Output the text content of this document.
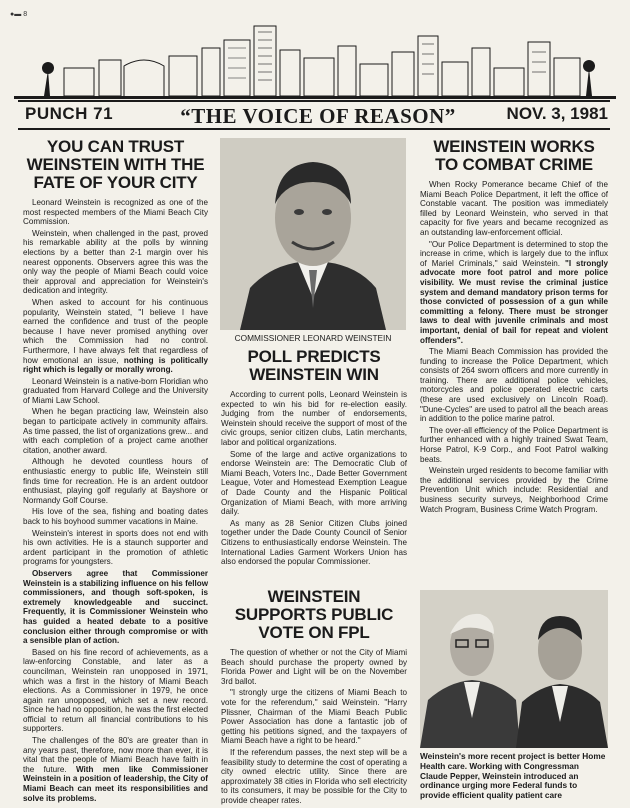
●▬ 8
PUNCH 71	“THE VOICE OF REASON”	NOV. 3, 1981
YOU CAN TRUST WEINSTEIN WITH THE FATE OF YOUR CITY

Leonard Weinstein is recognized as one of the most respected members of the Miami Beach City Commission.

Weinstein, when challenged in the past, proved his remarkable ability at the polls by winning elections by a better than 2-1 margin over his nearest opponents. Observers agree this was the only way the people of Miami Beach could voice their approval and appreciation for Weinstein's dedication and integrity.

When asked to account for his continuous popularity, Weinstein stated, "I believe I have earned the confidence and trust of the people because I have never promised anything over which the Commission had no control. Furthermore, I have always felt that regardless of how emotional an issue, nothing is politically right which is legally or morally wrong.

Leonard Weinstein is a native-born Floridian who graduated from Harvard College and the University of Miami Law School.

When he began practicing law, Weinstein also began to participate actively in community affairs. As time passed, the list of organizations grew... and with each completion of a project came another citation, another award.

Although he devoted countless hours of enthusiastic energy to public life, Weinstein still finds time for recreation. He is an ardent outdoor enthusiast, playing golf regularly at Bayshore or Normandy Golf Course.

His love of the sea, fishing and boating dates back to his boyhood summer vacations in Maine.

Weinstein's interest in sports does not end with his own activities. He is a staunch supporter and ardent participant in the promotion of athletic programs for youngsters.

Observers agree that Commissioner Weinstein is a stabilizing influence on his fellow commissioners, and though soft-spoken, is extremely knowledgeable and succinct. Frequently, it is Commissioner Weinstein who has guided a heated debate to a positive conclusion either through compromise or with a sensible plan of action.

Based on his fine record of achievements, as a law-enforcing Constable, and later as a councilman, Weinstein ran unopposed in 1971, which was a first in the history of Miami Beach elections. As a Commissioner in 1979, he once again ran unopposed, which set a new record. Since he had no opposition, he was the first elected official to return all financial contributions to his supporters.

The challenges of the 80's are greater than in any years past, therefore, now more than ever, it is vital that the people of Miami Beach have faith in the future. With men like Commissioner Weinstein in a position of leadership, the City of Miami Beach can meet its responsibilities and solve its problems.

COMMISSIONER LEONARD WEINSTEIN
POLL PREDICTS WEINSTEIN WIN

According to current polls, Leonard Weinstein is expected to win his bid for re-election easily. Judging from the number of endorsements, Weinstein should receive the support of most of the civic groups, senior citizen clubs, Latin merchants, labor and political organizations.

Some of the large and active organizations to endorse Weinstein are: The Democratic Club of Miami Beach, Voters Inc., Dade Better Government League, Voter and Homestead Exemption League of Dade County and the Hispanic Political Organization of Miami Beach, with more arriving daily.

As many as 28 Senior Citizen Clubs joined together under the Dade County Council of Senior Citizens to enthusiastically endorse Weinstein. The International Ladies Garment Workers Union has also endorsed the popular Commissioner.

WEINSTEIN SUPPORTS PUBLIC VOTE ON FPL

The question of whether or not the City of Miami Beach should purchase the property owned by Florida Power and Light will be on the November 3rd ballot.

"I strongly urge the citizens of Miami Beach to vote for the referendum," said Weinstein. "Harry Plissner, Chairman of the Miami Beach Public Power Association has done a fantastic job of getting his petitions signed, and the taxpayers of Miami Beach have a right to be heard."

If the referendum passes, the next step will be a feasibility study to determine the cost of operating a city owned electric utility. Since there are approximately 38 cities in Florida who sell electricity to its consumers, it may be possible for the City to provide cheaper rates.

WEINSTEIN WORKS TO COMBAT CRIME

When Rocky Pomerance became Chief of the Miami Beach Police Department, it left the office of Constable vacant. The position was immediately filled by Leonard Weinstein, who served in that capacity for five years and became recognized as an outstanding law-enforcement official.

"Our Police Department is determined to stop the increase in crime, which is largely due to the influx of Mariel Criminals," said Weinstein. "I strongly advocate more foot patrol and more police visibility. We must revise the criminal justice system and demand mandatory prison terms for those convicted of possession of a gun while committing a felony. There must be stronger laws to deal with juvenile criminals and most important, denial of bail for repeat and violent offenders".

The Miami Beach Commission has provided the funding to increase the Police Department, which consists of 264 sworn officers and more currently in training. There are additional police vehicles, motorcycles and police operated electric carts (these are used exclusively on Lincoln Road). "Dune-Cycles" are used to patrol all the beach areas in addition to the police marine patrol.

The over-all efficiency of the Police Department is further enhanced with a highly trained Swat Team, Horse Patrol, K-9 Corp., and Foot Patrol walking beats.

Weinstein urged residents to become familiar with the additional services provided by the Crime Prevention Unit which include: Residential and business security surveys, Neighborhood Crime Watch Program, Business Crime Watch Program.

Weinstein's more recent project is better Home Health care. Working with Congressman Claude Pepper, Weinstein introduced an ordinance urging more Federal funds to provide efficient quality patient care
